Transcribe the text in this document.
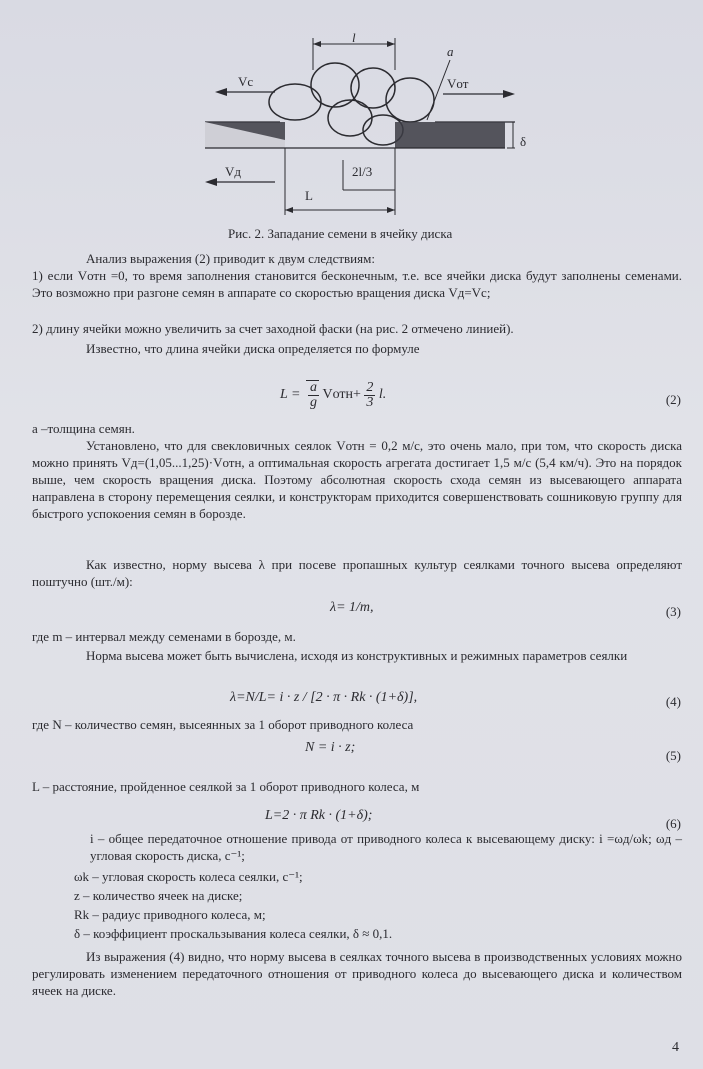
l
a
Vc	Vот
δ
Vд	2l/3
L
Рис. 2. Западание семени в ячейку диска
Анализ выражения (2) приводит к двум следствиям:
1) если Vотн =0, то время заполнения становится бесконечным, т.е. все ячейки диска будут заполнены семенами. Это возможно при разгоне семян в аппарате со скоростью вращения диска Vд=Vс;
2) длину ячейки можно увеличить за счет заходной фаски (на рис. 2 отмечено линией).
Известно, что длина ячейки диска определяется по формуле
$L = \frac{a}{g}$ Vотн+ $\frac{2}{3} l$.	(2)
a –толщина семян.
Установлено, что для свекловичных сеялок Vотн = 0,2 м/с, это очень мало, при том, что скорость диска можно принять Vд=(1,05...1,25)·Vотн, а оптимальная скорость агрегата достигает 1,5 м/с (5,4 км/ч). Это на порядок выше, чем скорость вращения диска. Поэтому абсолютная скорость схода семян из высевающего аппарата направлена в сторону перемещения сеялки, и конструкторам приходится совершенствовать сошниковую группу для быстрого успокоения семян в борозде.
Как известно, норму высева λ при посеве пропашных культур сеялками точного высева определяют поштучно (шт./м):
λ= 1/m,	(3)
где m – интервал между семенами в борозде, м.
Норма высева может быть вычислена, исходя из конструктивных и режимных параметров сеялки
λ=N/L= i · z / [2 · π · Rk · (1+δ)],	(4)
где N – количество семян, высеянных за 1 оборот приводного колеса
N = i · z;
(5)
L – расстояние, пройденное сеялкой за 1 оборот приводного колеса, м
L=2 · π Rk · (1+δ);
(6)
i – общее передаточное отношение привода от приводного колеса к высевающему диску: i =ωд/ωk; ωд – угловая скорость диска, c⁻¹;
ωk – угловая скорость колеса сеялки, c⁻¹;
z – количество ячеек на диске;
Rk – радиус приводного колеса, м;
δ – коэффициент проскальзывания колеса сеялки, δ ≈ 0,1.
Из выражения (4) видно, что норму высева в сеялках точного высева в производственных условиях можно регулировать изменением передаточного отношения от приводного колеса до высевающего диска и количеством ячеек на диске.
4
